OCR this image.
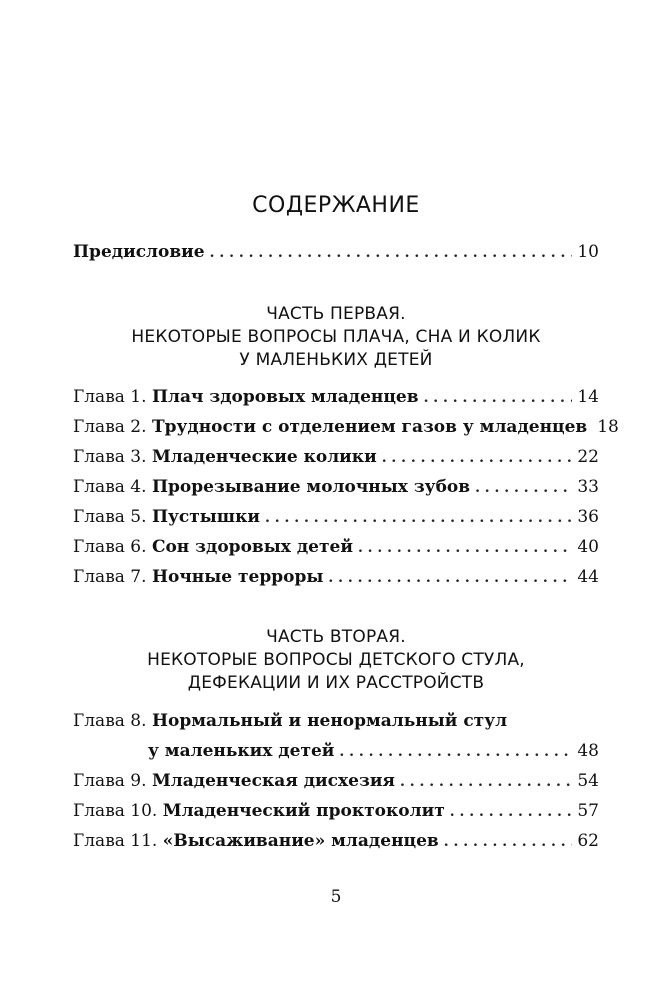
СОДЕРЖАНИЕ
Предисловие . . .	10
ЧАСТЬ ПЕРВАЯ.
НЕКОТОРЫЕ ВОПРОСЫ ПЛАЧА, СНА И КОЛИК
У МАЛЕНЬКИХ ДЕТЕЙ
Глава 1. Плач здоровых младенцев . . .	14
Глава 2. Трудности с отделением газов у младенцев 18
Глава 3. Младенческие колики . . .	22
Глава 4. Прорезывание молочных зубов . . .	33
Глава 5. Пустышки . . .	36
Глава 6. Сон здоровых детей . . .	40
Глава 7. Ночные терроры . . .	44
ЧАСТЬ ВТОРАЯ.
НЕКОТОРЫЕ ВОПРОСЫ ДЕТСКОГО СТУЛА,
ДЕФЕКАЦИИ И ИХ РАССТРОЙСТВ
Глава 8. Нормальный и ненормальный стул
у маленьких детей . . .	48
Глава 9. Младенческая дисхезия . . .	54
Глава 10. Младенческий проктоколит . . .	57
Глава 11. «Высаживание» младенцев . . .	62
5
